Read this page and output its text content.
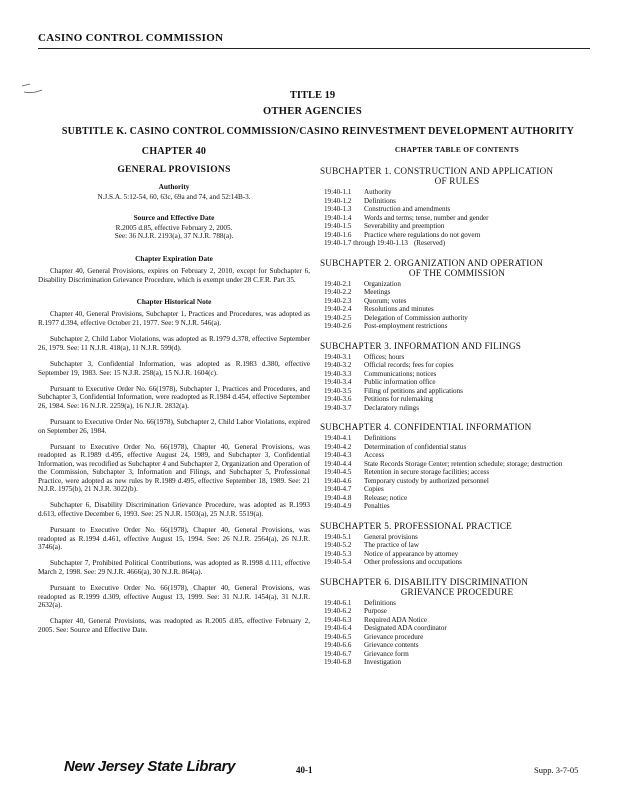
CASINO CONTROL COMMISSION
TITLE 19
OTHER AGENCIES
SUBTITLE K. CASINO CONTROL COMMISSION/CASINO REINVESTMENT DEVELOPMENT AUTHORITY
CHAPTER 40
GENERAL PROVISIONS
Authority
N.J.S.A. 5:12-54, 60, 63c, 69a and 74, and 52:14B-3.
Source and Effective Date
R.2005 d.85, effective February 2, 2005.
See: 36 N.J.R. 2193(a), 37 N.J.R. 788(a).
Chapter Expiration Date
Chapter 40, General Provisions, expires on February 2, 2010, except for Subchapter 6, Disability Discrimination Grievance Procedure, which is exempt under 28 C.F.R. Part 35.
Chapter Historical Note
Chapter 40, General Provisions, Subchapter 1, Practices and Procedures, was adopted as R.1977 d.394, effective October 21, 1977. See: 9 N.J.R. 546(a).
Subchapter 2, Child Labor Violations, was adopted as R.1979 d.378, effective September 26, 1979. See: 11 N.J.R. 418(a), 11 N.J.R. 599(d).
Subchapter 3, Confidential Information, was adopted as R.1983 d.380, effective September 19, 1983. See: 15 N.J.R. 258(a), 15 N.J.R. 1604(c).
Pursuant to Executive Order No. 66(1978), Subchapter 1, Practices and Procedures, and Subchapter 3, Confidential Information, were readopted as R.1984 d.454, effective September 26, 1984. See: 16 N.J.R. 2259(a), 16 N.J.R. 2832(a).
Pursuant to Executive Order No. 66(1978), Subchapter 2, Child Labor Violations, expired on September 26, 1984.
Pursuant to Executive Order No. 66(1978), Chapter 40, General Provisions, was readopted as R.1989 d.495, effective August 24, 1989, and Subchapter 3, Confidential Information, was recodified as Subchapter 4 and Subchapter 2, Organization and Operation of the Commission, Subchapter 3, Information and Filings, and Subchapter 5, Professional Practice, were adopted as new rules by R.1989 d.495, effective September 18, 1989. See: 21 N.J.R. 1975(b), 21 N.J.R. 3022(b).
Subchapter 6, Disability Discrimination Grievance Procedure, was adopted as R.1993 d.613, effective December 6, 1993. See: 25 N.J.R. 1503(a), 25 N.J.R. 5519(a).
Pursuant to Executive Order No. 66(1978), Chapter 40, General Provisions, was readopted as R.1994 d.461, effective August 15, 1994. See: 26 N.J.R. 2564(a), 26 N.J.R. 3746(a).
Subchapter 7, Prohibited Political Contributions, was adopted as R.1998 d.111, effective March 2, 1998. See: 29 N.J.R. 4666(a), 30 N.J.R. 864(a).
Pursuant to Executive Order No. 66(1978), Chapter 40, General Provisions, was readopted as R.1999 d.309, effective August 13, 1999. See: 31 N.J.R. 1454(a), 31 N.J.R. 2632(a).
Chapter 40, General Provisions, was readopted as R.2005 d.85, effective February 2, 2005. See: Source and Effective Date.
CHAPTER TABLE OF CONTENTS
SUBCHAPTER 1. CONSTRUCTION AND APPLICATION
OF RULES
19:40-1.1	Authority
19:40-1.2	Definitions
19:40-1.3	Construction and amendments
19:40-1.4	Words and terms; tense, number and gender
19:40-1.5	Severability and preemption
19:40-1.6	Practice where regulations do not govern
19:40-1.7 through 19:40-1.13 (Reserved)
SUBCHAPTER 2. ORGANIZATION AND OPERATION
OF THE COMMISSION
19:40-2.1	Organization
19:40-2.2	Meetings
19:40-2.3	Quorum; votes
19:40-2.4	Resolutions and minutes
19:40-2.5	Delegation of Commission authority
19:40-2.6	Post-employment restrictions
SUBCHAPTER 3. INFORMATION AND FILINGS
19:40-3.1	Offices; hours
19:40-3.2	Official records; fees for copies
19:40-3.3	Communications; notices
19:40-3.4	Public information office
19:40-3.5	Filing of petitions and applications
19:40-3.6	Petitions for rulemaking
19:40-3.7	Declaratory rulings
SUBCHAPTER 4. CONFIDENTIAL INFORMATION
19:40-4.1	Definitions
19:40-4.2	Determination of confidential status
19:40-4.3	Access
19:40-4.4	State Records Storage Center; retention schedule; storage; destruction
19:40-4.5	Retention in secure storage facilities; access
19:40-4.6	Temporary custody by authorized personnel
19:40-4.7	Copies
19:40-4.8	Release; notice
19:40-4.9	Penalties
SUBCHAPTER 5. PROFESSIONAL PRACTICE
19:40-5.1	General provisions
19:40-5.2	The practice of law
19:40-5.3	Notice of appearance by attorney
19:40-5.4	Other professions and occupations
SUBCHAPTER 6. DISABILITY DISCRIMINATION
GRIEVANCE PROCEDURE
19:40-6.1	Definitions
19:40-6.2	Purpose
19:40-6.3	Required ADA Notice
19:40-6.4	Designated ADA coordinator
19:40-6.5	Grievance procedure
19:40-6.6	Grievance contents
19:40-6.7	Grievance form
19:40-6.8	Investigation
New Jersey State Library	40-1	Supp. 3-7-05
